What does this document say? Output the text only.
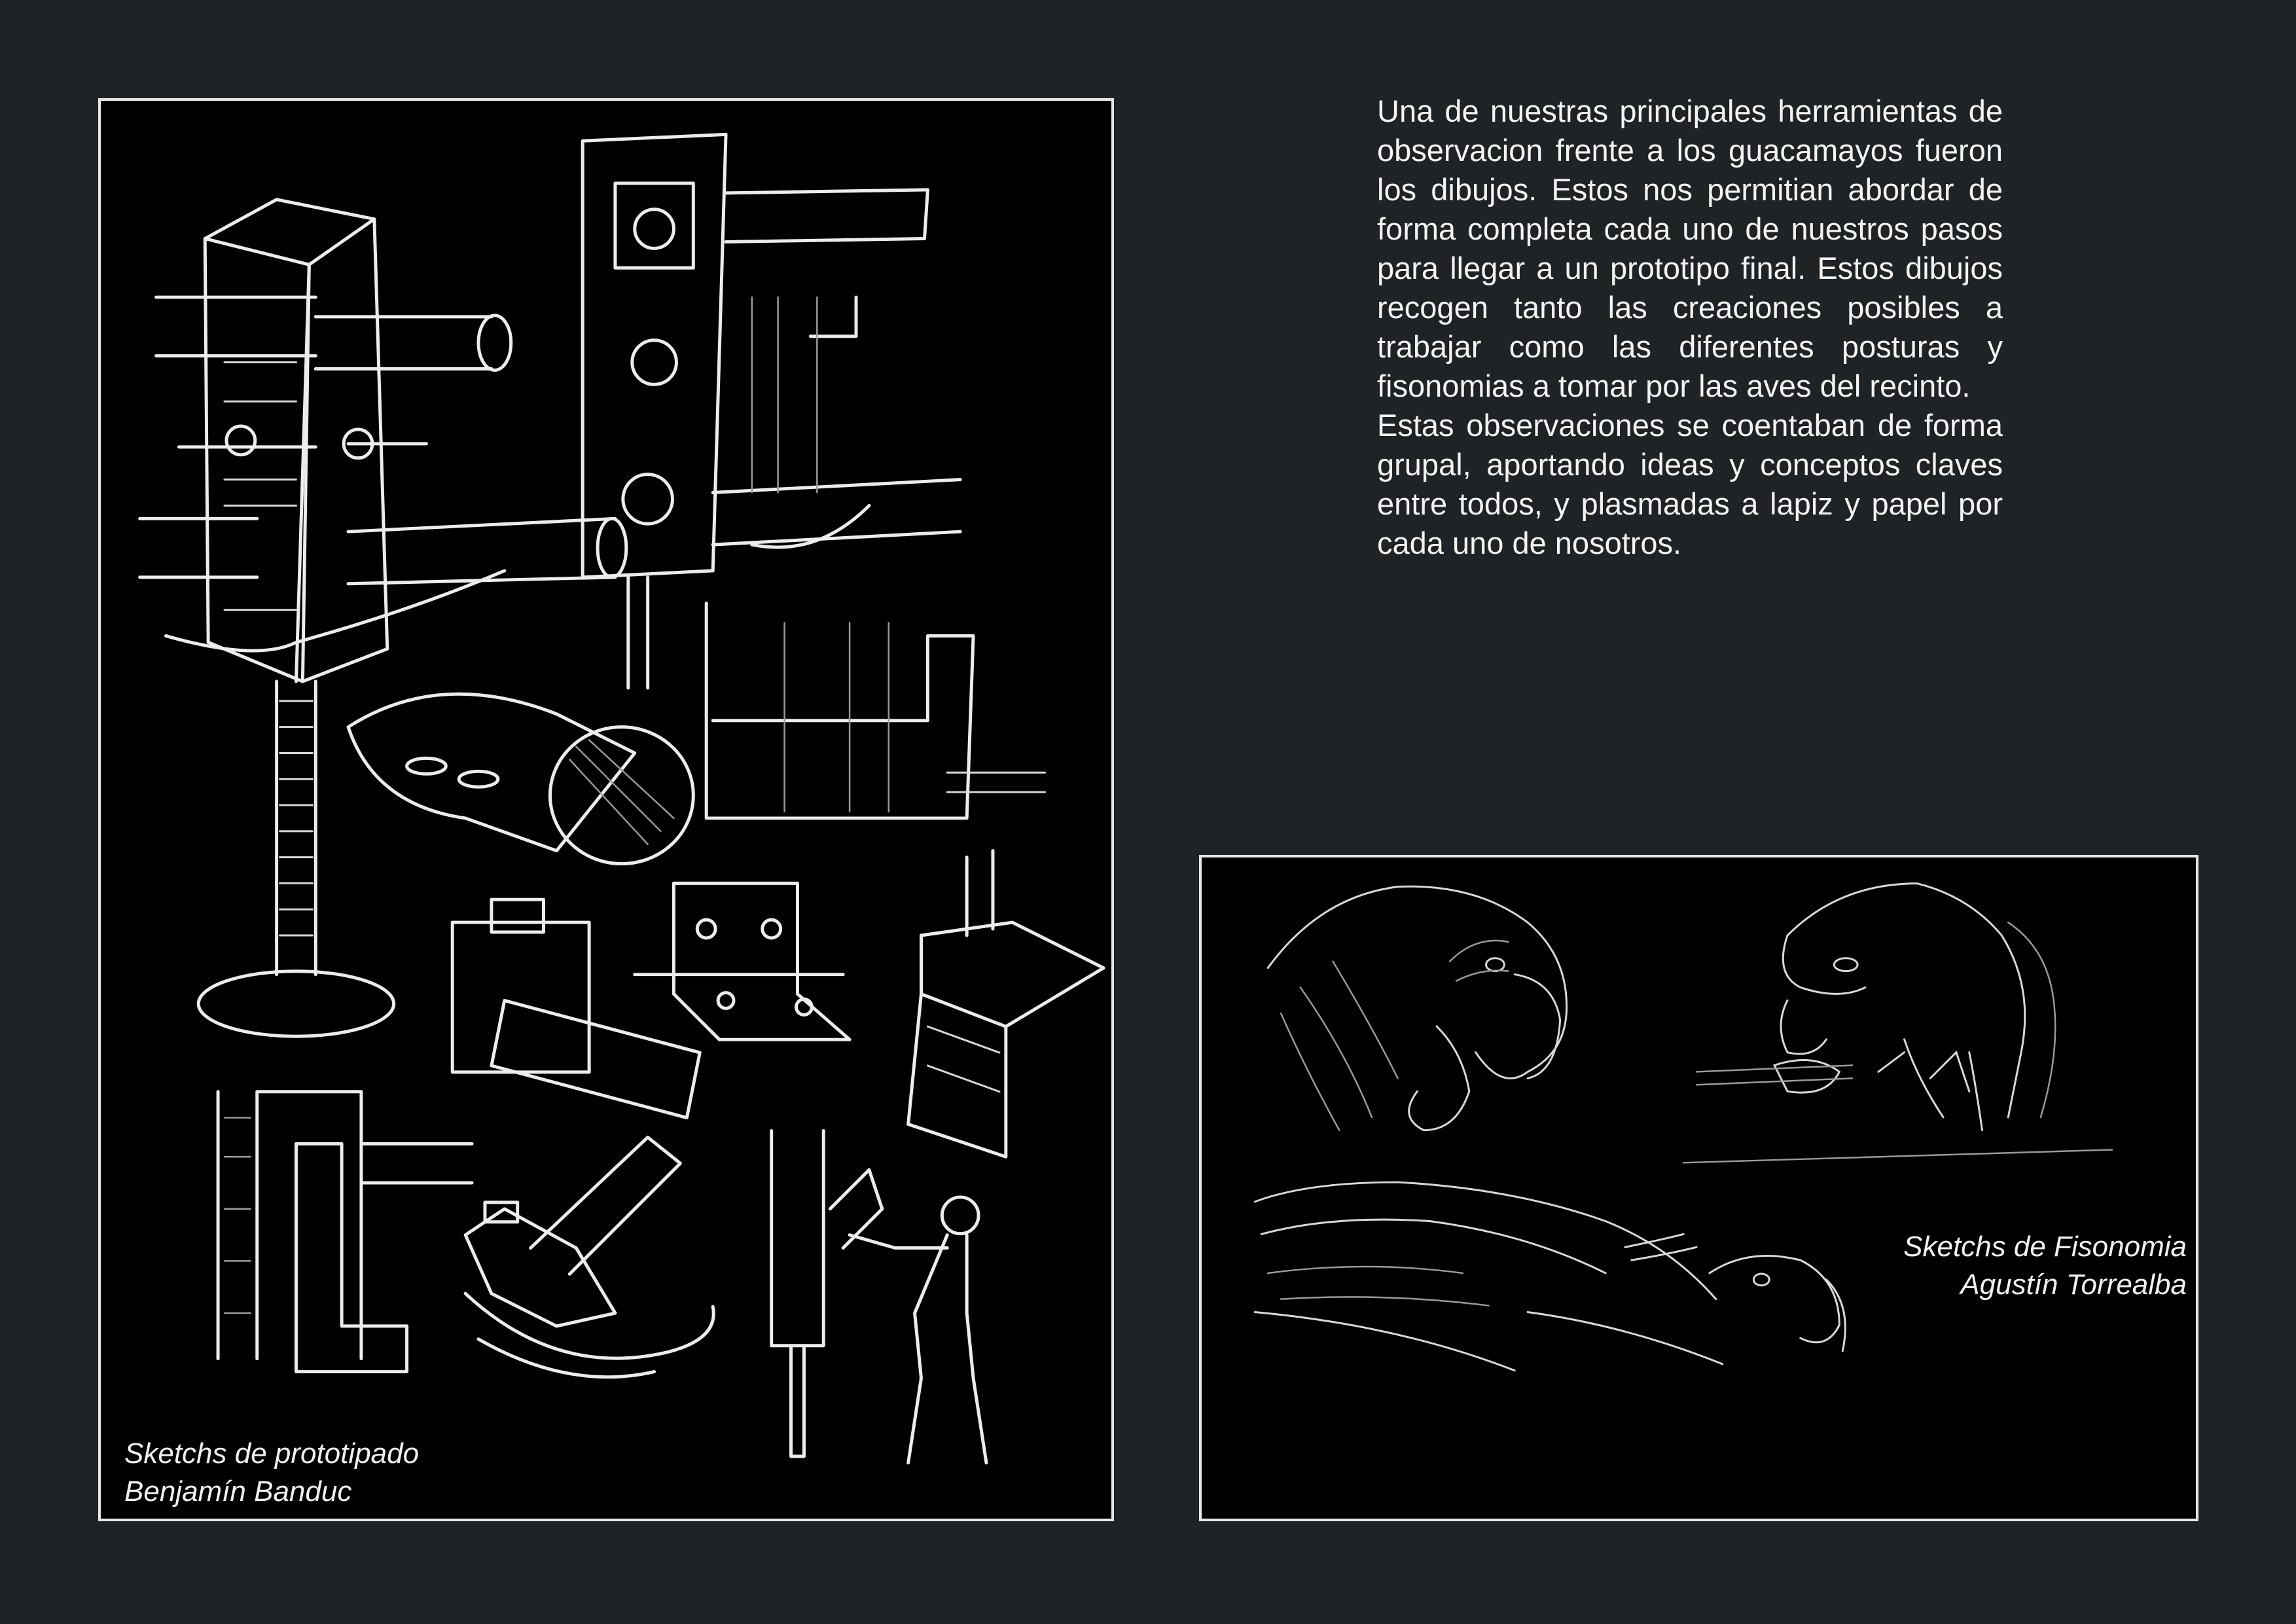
Sketchs de prototipado
Benjamín Banduc

Una de nuestras principales herramientas de observacion frente a los guacamayos fueron los dibujos. Estos nos permitian abordar de forma completa cada uno de nuestros pasos para llegar a un prototipo final. Estos dibujos recogen tanto las creaciones posibles a trabajar como las diferentes posturas y fisonomias a tomar por las aves del recinto.

Estas observaciones se coentaban de forma grupal, aportando ideas y conceptos claves entre todos, y plasmadas a lapiz y papel por cada uno de nosotros.

Sketchs de Fisonomia
Agustín Torrealba
